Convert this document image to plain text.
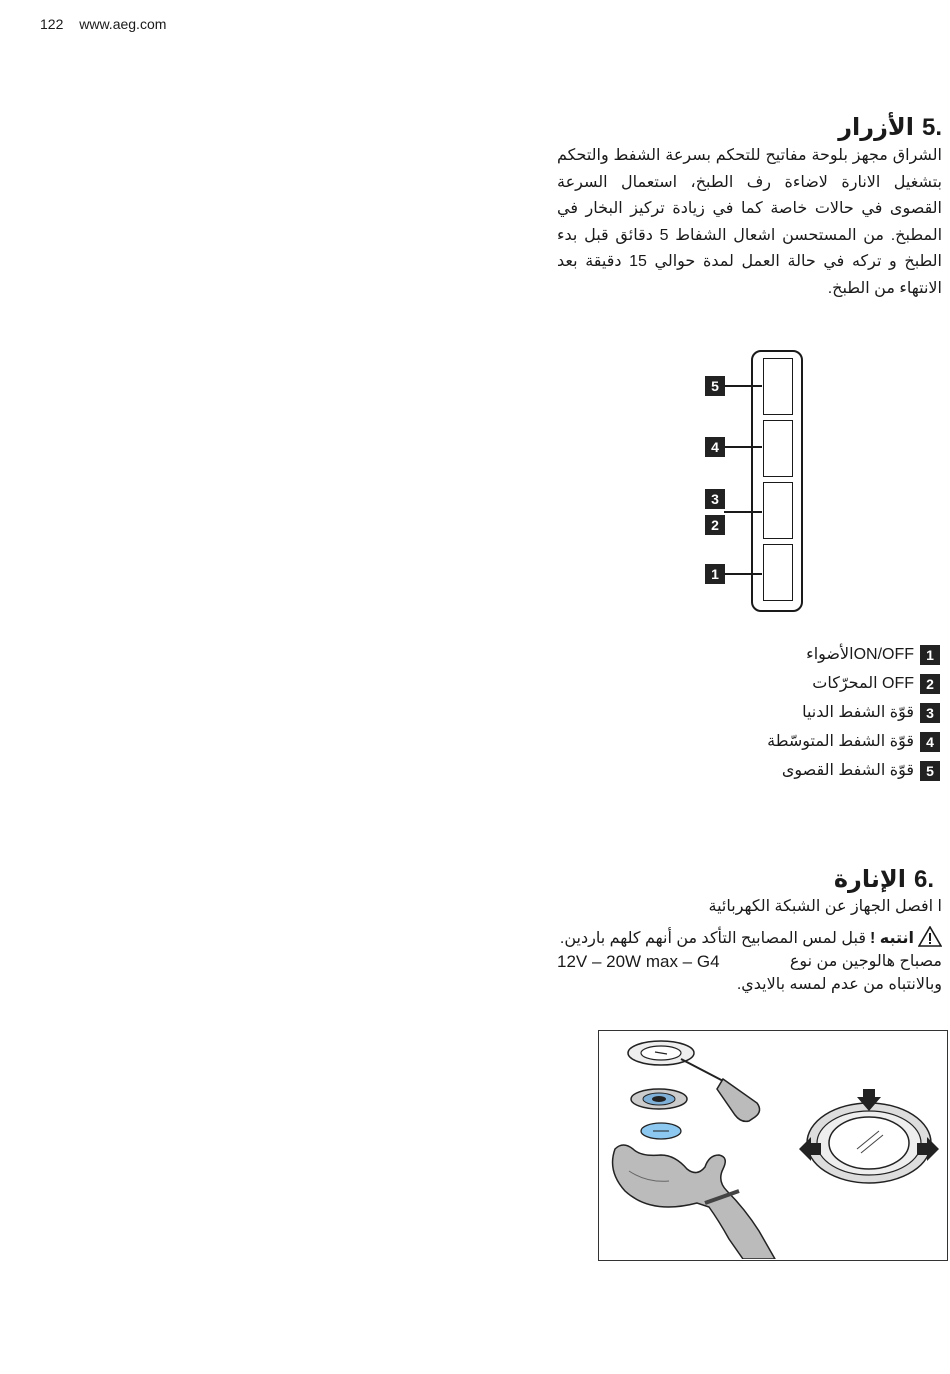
122 www.aeg.com

5.الأزرار

الشراق مجهز بلوحة مفاتيح للتحكم بسرعة الشفط والتحكم بتشغيل الانارة لاضاءة رف الطبخ، استعمال السرعة القصوى في حالات خاصة كما في زيادة تركيز البخار في المطبخ. من المستحسن اشعال الشفاط 5 دقائق قبل بدء الطبخ و تركه في حالة العمل لمدة حوالي 15 دقيقة بعد الانتهاء من الطبخ.

5
4
3
2
1
1
ON/OFFالأضواء
2
OFF المحرّكات
3
قوّة الشفط الدنيا
4
قوّة الشفط المتوسّطة
5
قوّة الشفط القصوى

6.الإنارة

ا افصل الجهاز عن الشبكة الكهربائية

انتبه !قبل لمس المصابيح التأكد من أنهم كلهم باردين.

مصباح هالوجين من نوع
12V – 20W max – G4

وبالانتباه من عدم لمسه بالايدي.
